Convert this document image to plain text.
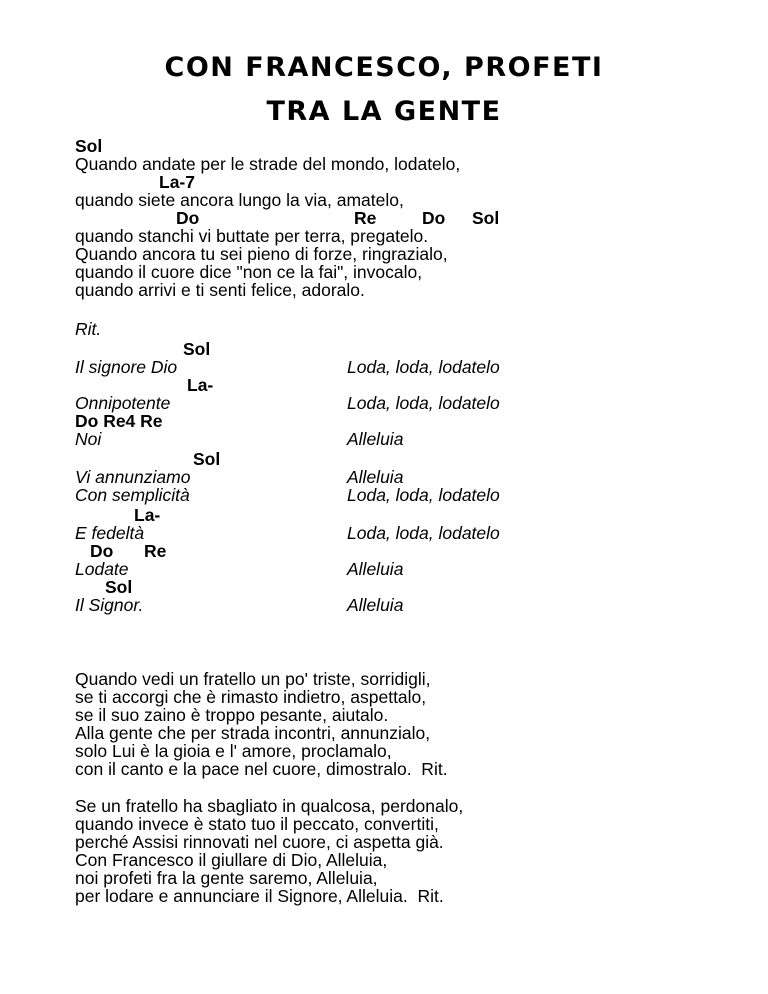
CON FRANCESCO, PROFETI
TRA LA GENTE

Sol

Quando andate per le strade del mondo, lodatelo,

La-7

quando siete ancora lungo la via, amatelo,

Do	Re	Do Sol

quando stanchi vi buttate per terra, pregatelo.

Quando ancora tu sei pieno di forze, ringrazialo,

quando il cuore dice "non ce la fai", invocalo,

quando arrivi e ti senti felice, adoralo.

Rit.

Sol

Il signore Dio	Loda, loda, lodatelo

La-

Onnipotente	Loda, loda, lodatelo

Do Re4 Re

Noi	Alleluia

Sol

Vi annunziamo	Alleluia

Con semplicità	Loda, loda, lodatelo

La-

E fedeltà	Loda, loda, lodatelo

Do Re

Lodate	Alleluia

Sol

Il Signor.	Alleluia

Quando vedi un fratello un po' triste, sorridigli,

se ti accorgi che è rimasto indietro, aspettalo,

se il suo zaino è troppo pesante, aiutalo.

Alla gente che per strada incontri, annunzialo,

solo Lui è la gioia e l' amore, proclamalo,

con il canto e la pace nel cuore, dimostralo.  Rit.

Se un fratello ha sbagliato in qualcosa, perdonalo,

quando invece è stato tuo il peccato, convertiti,

perché Assisi rinnovati nel cuore, ci aspetta già.

Con Francesco il giullare di Dio, Alleluia,

noi profeti fra la gente saremo, Alleluia,

per lodare e annunciare il Signore, Alleluia.  Rit.
